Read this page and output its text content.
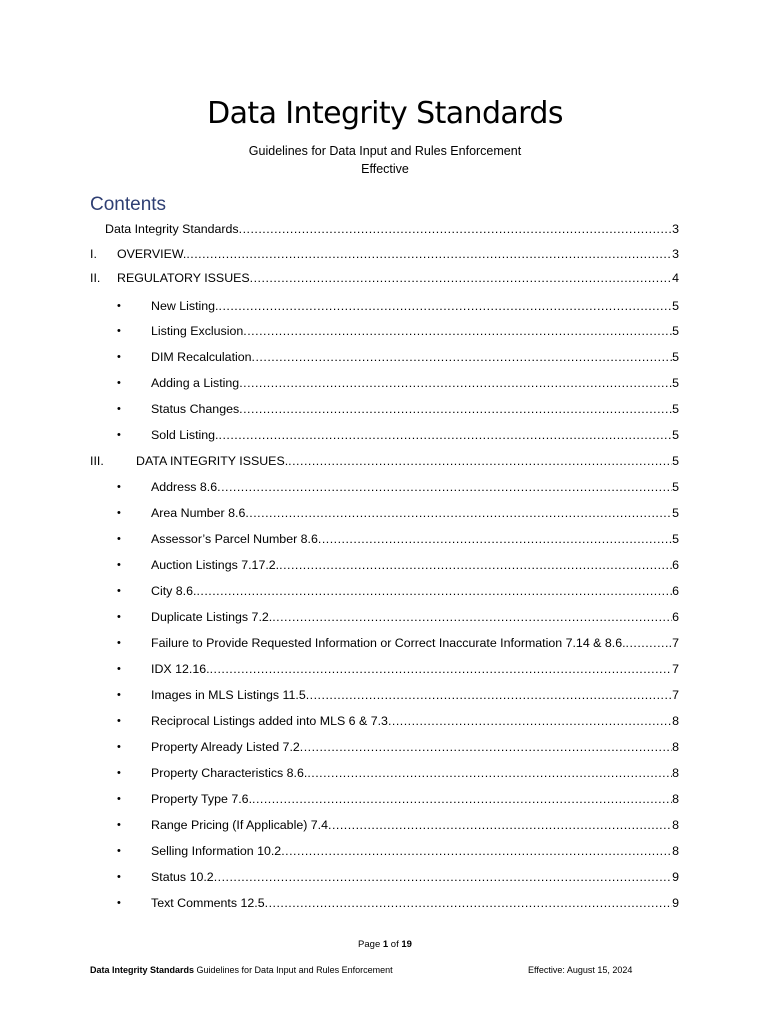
Data Integrity Standards
Guidelines for Data Input and Rules Enforcement
Effective
Contents
Data Integrity Standards .....	3
I. OVERVIEW. .....	3
II. REGULATORY ISSUES .....	4
• New Listing. .....	5
• Listing Exclusion .....	5
• DIM Recalculation .....	5
• Adding a Listing .....	5
• Status Changes .....	5
• Sold Listing. .....	5
III.	DATA INTEGRITY ISSUES. .....	5
• Address 8.6 .....	5
• Area Number 8.6 .....	5
• Assessor’s Parcel Number 8.6 .....	5
• Auction Listings 7.17.2. .....	6
• City 8.6. .....	6
• Duplicate Listings 7.2. .....	6
• Failure to Provide Requested Information or Correct Inaccurate Information 7.14 & 8.6. .....	.7
• IDX 12.16. .....	7
• Images in MLS Listings 11.5 .....	7
• Reciprocal Listings added into MLS 6 & 7.3 .....	8
• Property Already Listed 7.2 .....	8
• Property Characteristics 8.6. .....	8
• Property Type 7.6. .....	8
• Range Pricing (If Applicable) 7.4 .....	8
• Selling Information 10.2 .....	8
• Status 10.2 .....	9
• Text Comments 12.5 .....	9
Page 1 of 19
Data Integrity Standards Guidelines for Data Input and Rules Enforcement	Effective: August 15, 2024
